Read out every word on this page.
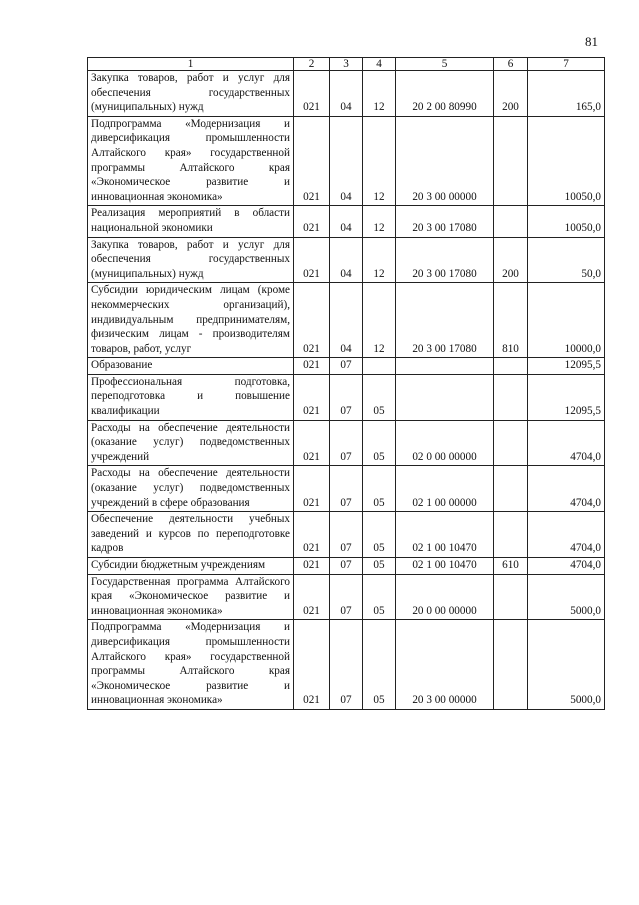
81
1	2	3	4	5	6	7
Закупка товаров, работ и услуг для обеспечения государственных (муниципальных) нужд	021	04	12	20 2 00 80990	200	165,0
Подпрограмма «Модернизация и диверсификация промышленности Алтайского края» государственной программы Алтайского края «Экономическое развитие и инновационная экономика»	021	04	12	20 3 00 00000		10050,0
Реализация мероприятий в области национальной экономики	021	04	12	20 3 00 17080		10050,0
Закупка товаров, работ и услуг для обеспечения государственных (муниципальных) нужд	021	04	12	20 3 00 17080	200	50,0
Субсидии юридическим лицам (кроме некоммерческих организаций), индивидуальным предпринимателям, физическим лицам - производителям товаров, работ, услуг	021	04	12	20 3 00 17080	810	10000,0
Образование	021	07				12095,5
Профессиональная подготовка, переподготовка и повышение квалификации	021	07	05			12095,5
Расходы на обеспечение деятельности (оказание услуг) подведомственных учреждений	021	07	05	02 0 00 00000		4704,0
Расходы на обеспечение деятельности (оказание услуг) подведомственных учреждений в сфере образования	021	07	05	02 1 00 00000		4704,0
Обеспечение деятельности учебных заведений и курсов по переподготовке кадров	021	07	05	02 1 00 10470		4704,0
Субсидии бюджетным учреждениям	021	07	05	02 1 00 10470	610	4704,0
Государственная программа Алтайского края «Экономическое развитие и инновационная экономика»	021	07	05	20 0 00 00000		5000,0
Подпрограмма «Модернизация и диверсификация промышленности Алтайского края» государственной программы Алтайского края «Экономическое развитие и инновационная экономика»	021	07	05	20 3 00 00000		5000,0
